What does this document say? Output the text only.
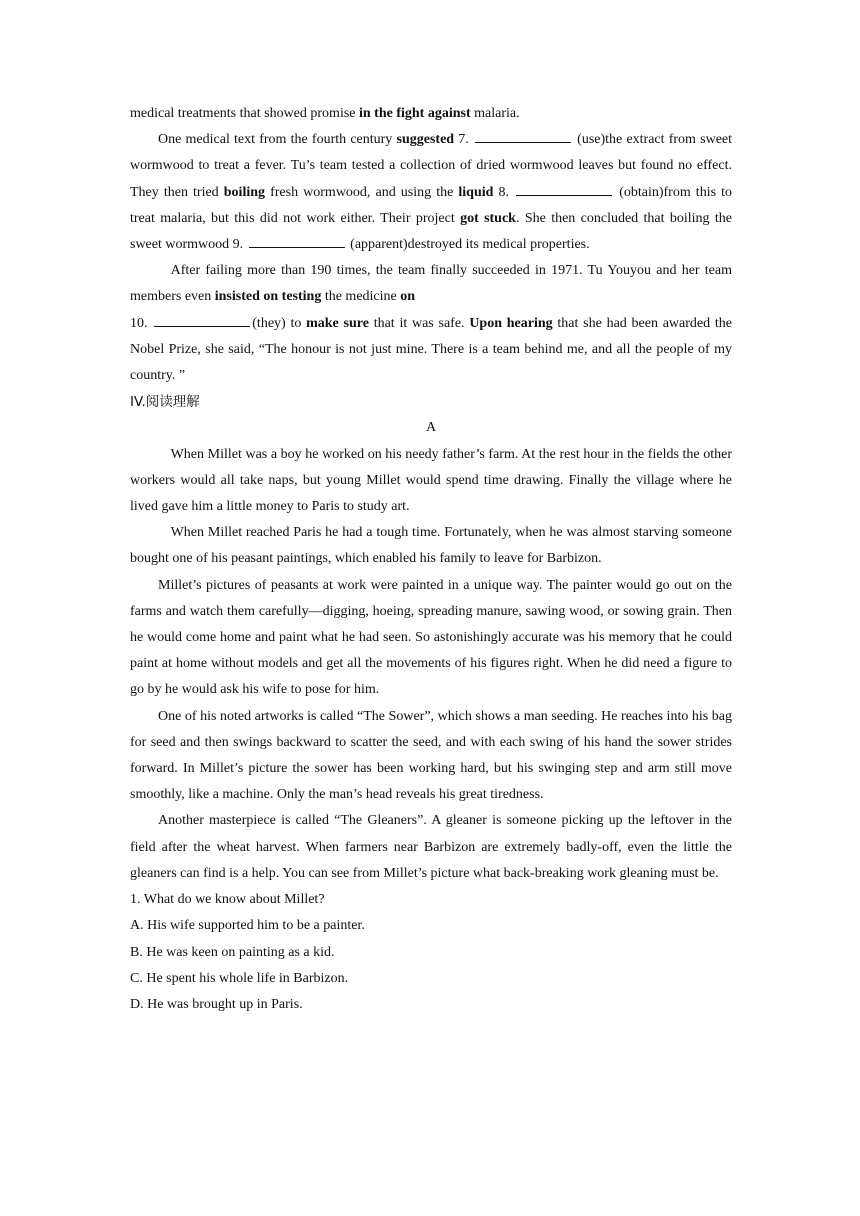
medical treatments that showed promise in the fight against malaria.

One medical text from the fourth century suggested 7.	(use)the extract from sweet wormwood to treat a fever. Tu’s team tested a collection of dried wormwood leaves but found no effect. They then tried boiling fresh wormwood, and using the liquid 8.	(obtain)from this to treat malaria, but this did not work either. Their project got stuck. She then concluded that boiling the sweet wormwood 9.	(apparent)destroyed its medical properties.

After failing more than 190 times, the team finally succeeded in 1971. Tu Youyou and her team members even insisted on testing the medicine on

10.	(they) to make sure that it was safe. Upon hearing that she had been awarded the Nobel Prize, she said, “The honour is not just mine. There is a team behind me, and all the people of my country. ”

IV.阅读理解

A

When Millet was a boy he worked on his needy father’s farm. At the rest hour in the fields the other workers would all take naps, but young Millet would spend time drawing. Finally the village where he lived gave him a little money to Paris to study art.

When Millet reached Paris he had a tough time. Fortunately, when he was almost starving someone bought one of his peasant paintings, which enabled his family to leave for Barbizon.

Millet’s pictures of peasants at work were painted in a unique way. The painter would go out on the farms and watch them carefully—digging, hoeing, spreading manure, sawing wood, or sowing grain. Then he would come home and paint what he had seen. So astonishingly accurate was his memory that he could paint at home without models and get all the movements of his figures right. When he did need a figure to go by he would ask his wife to pose for him.

One of his noted artworks is called “The Sower”, which shows a man seeding. He reaches into his bag for seed and then swings backward to scatter the seed, and with each swing of his hand the sower strides forward. In Millet’s picture the sower has been working hard, but his swinging step and arm still move smoothly, like a machine. Only the man’s head reveals his great tiredness.

Another masterpiece is called “The Gleaners”. A gleaner is someone picking up the leftover in the field after the wheat harvest. When farmers near Barbizon are extremely badly-off, even the little the gleaners can find is a help. You can see from Millet’s picture what back-breaking work gleaning must be.

1. What do we know about Millet?

A. His wife supported him to be a painter.

B. He was keen on painting as a kid.

C. He spent his whole life in Barbizon.

D. He was brought up in Paris.
